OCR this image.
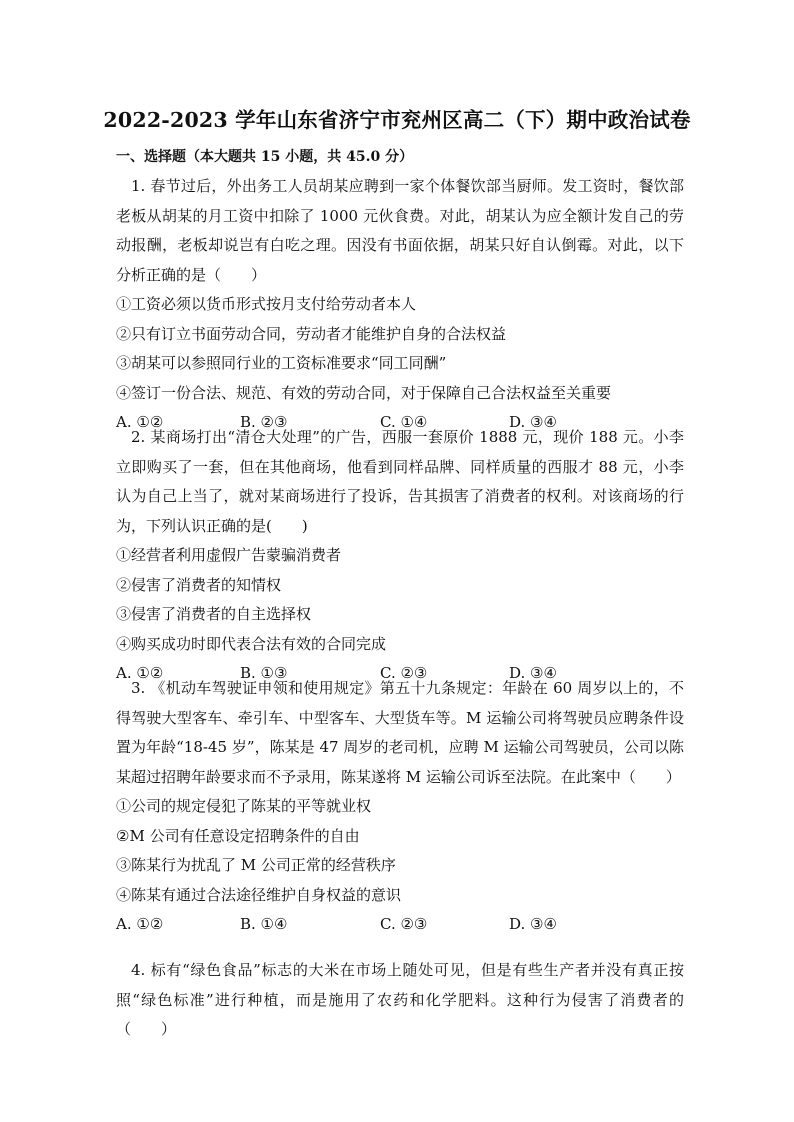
2022-2023 学年山东省济宁市兖州区高二（下）期中政治试卷
一、选择题（本大题共 15 小题，共 45.0 分）
1. 春节过后，外出务工人员胡某应聘到一家个体餐饮部当厨师。发工资时，餐饮部老板从胡某的月工资中扣除了 1000 元伙食费。对此，胡某认为应全额计发自己的劳动报酬，老板却说岂有白吃之理。因没有书面依据，胡某只好自认倒霉。对此，以下分析正确的是（　　）
①工资必须以货币形式按月支付给劳动者本人
②只有订立书面劳动合同，劳动者才能维护自身的合法权益
③胡某可以参照同行业的工资标准要求“同工同酬”
④签订一份合法、规范、有效的劳动合同，对于保障自己合法权益至关重要
A. ①②	B. ②③	C. ①④	D. ③④
2. 某商场打出“清仓大处理”的广告，西服一套原价 1888 元，现价 188 元。小李立即购买了一套，但在其他商场，他看到同样品牌、同样质量的西服才 88 元，小李认为自己上当了，就对某商场进行了投诉，告其损害了消费者的权利。对该商场的行为，下列认识正确的是(　　)
①经营者利用虚假广告蒙骗消费者
②侵害了消费者的知情权
③侵害了消费者的自主选择权
④购买成功时即代表合法有效的合同完成
A. ①②	B. ①③	C. ②③	D. ③④
3. 《机动车驾驶证申领和使用规定》第五十九条规定：年龄在 60 周岁以上的，不得驾驶大型客车、牵引车、中型客车、大型货车等。M 运输公司将驾驶员应聘条件设置为年龄“18-45 岁”，陈某是 47 周岁的老司机，应聘 M 运输公司驾驶员，公司以陈某超过招聘年龄要求而不予录用，陈某遂将 M 运输公司诉至法院。在此案中（　　）
①公司的规定侵犯了陈某的平等就业权
②M 公司有任意设定招聘条件的自由
③陈某行为扰乱了 M 公司正常的经营秩序
④陈某有通过合法途径维护自身权益的意识
A. ①②	B. ①④	C. ②③	D. ③④
4. 标有“绿色食品”标志的大米在市场上随处可见，但是有些生产者并没有真正按照“绿色标准”进行种植，而是施用了农药和化学肥料。这种行为侵害了消费者的（　　）
